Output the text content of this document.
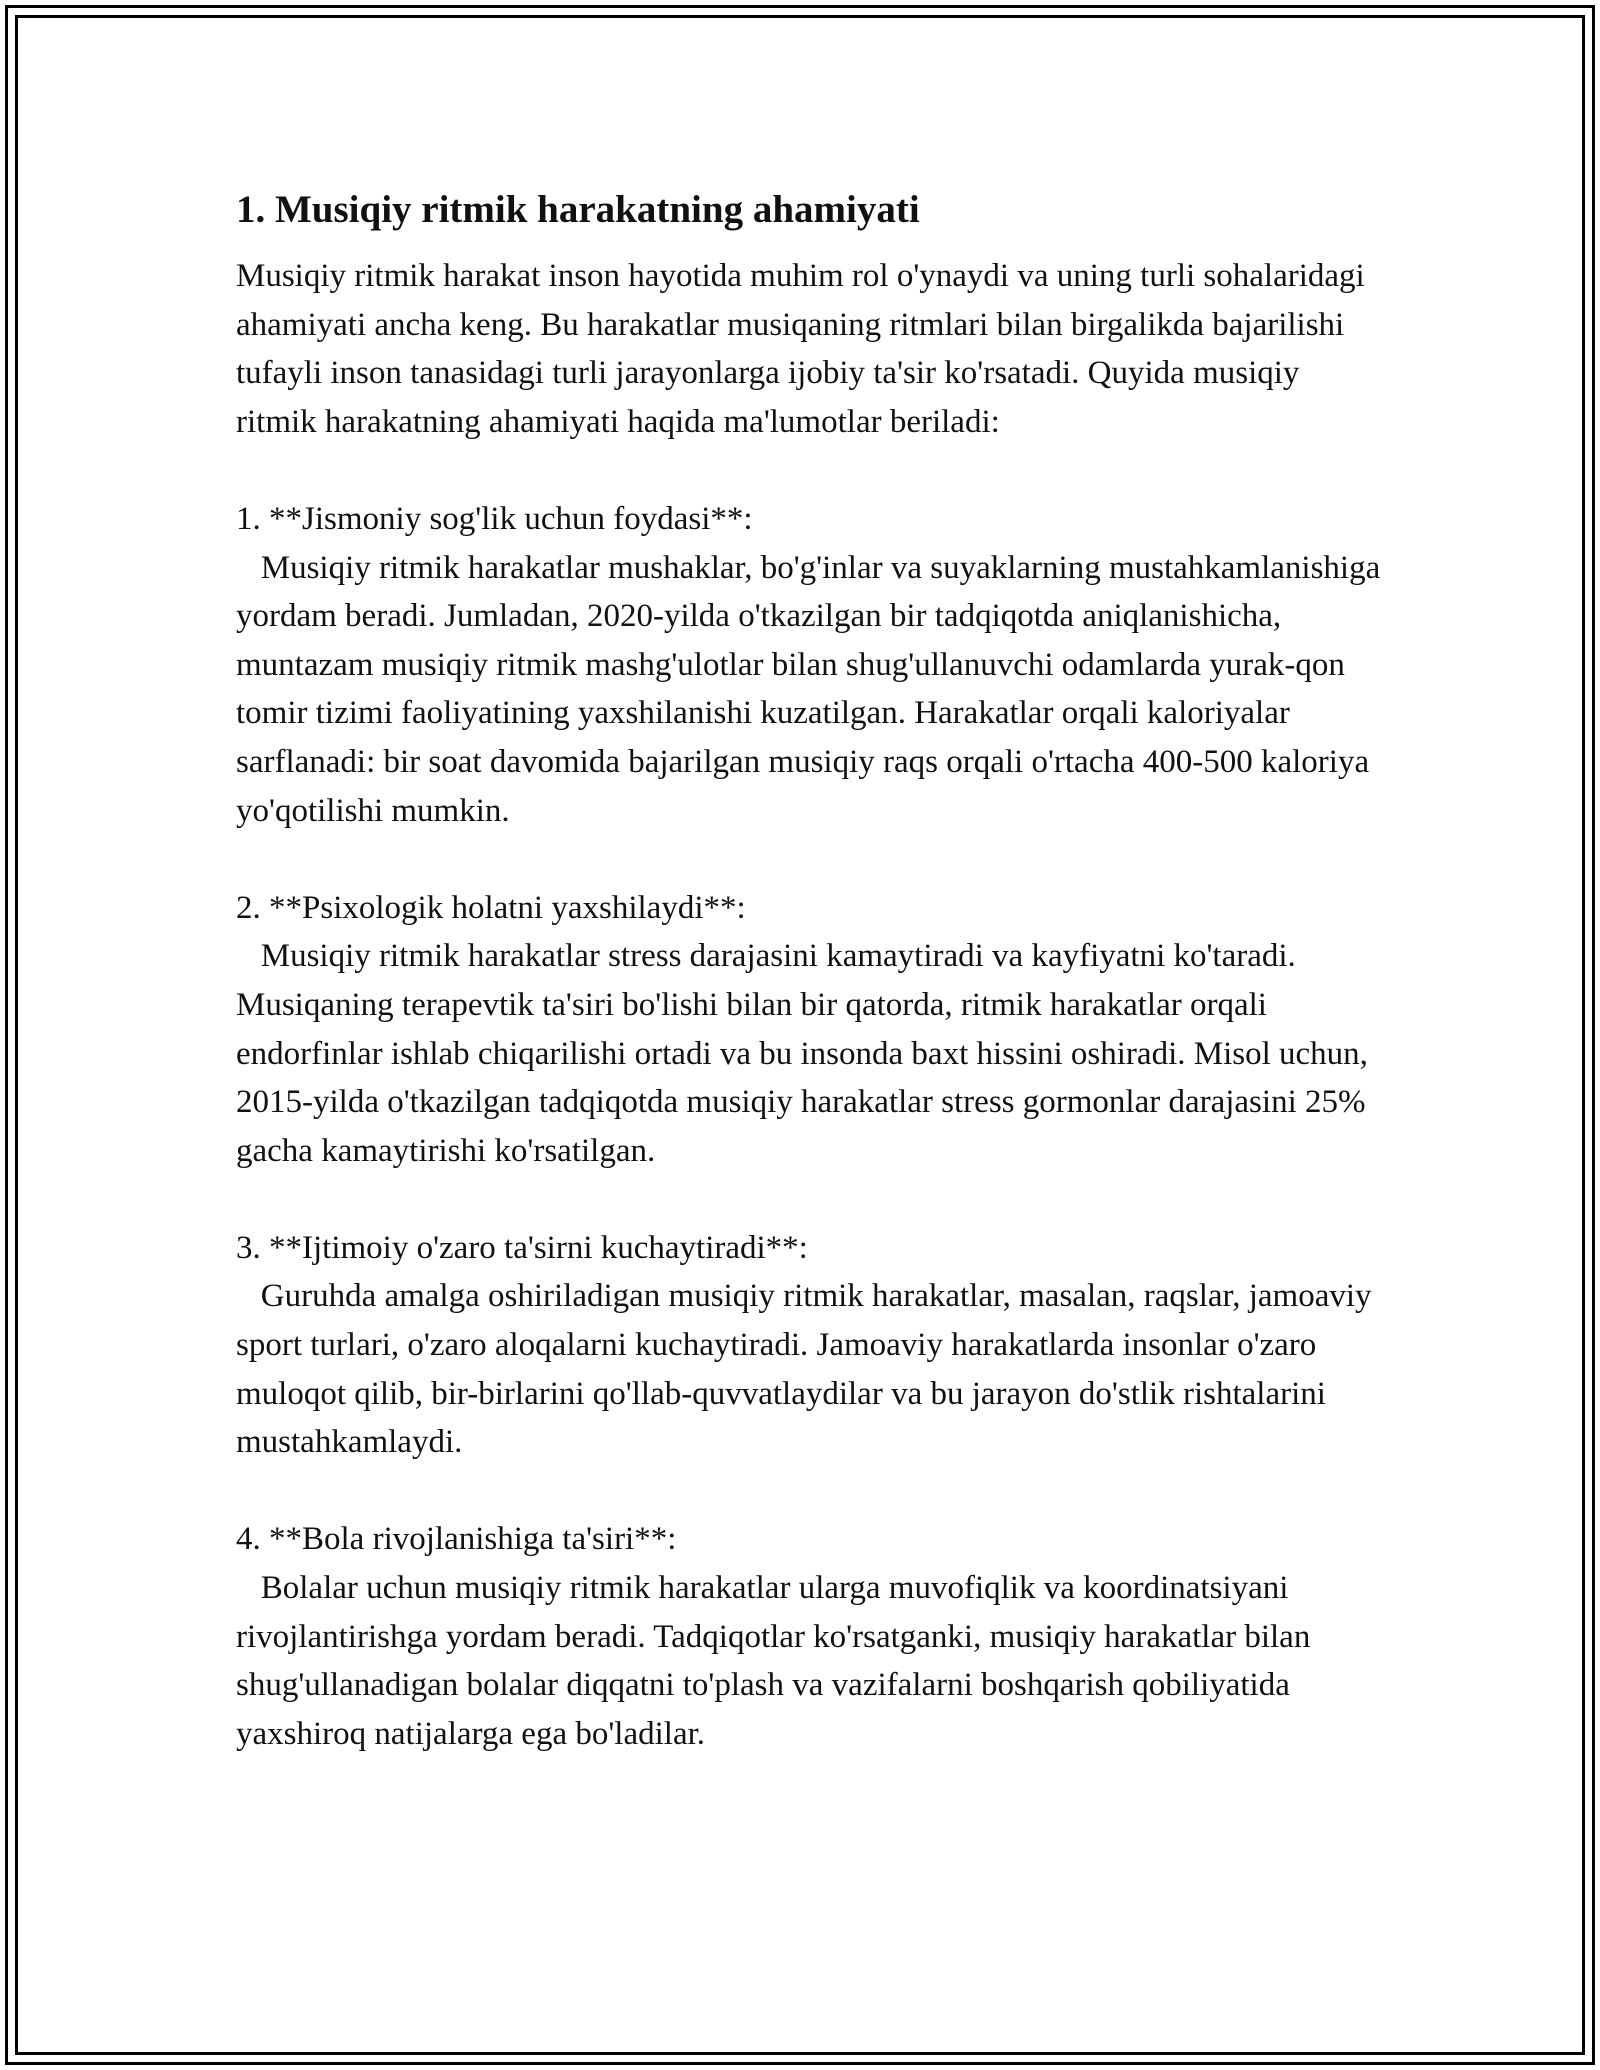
1. Musiqiy ritmik harakatning ahamiyati

Musiqiy ritmik harakat inson hayotida muhim rol o'ynaydi va uning turli sohalaridagi ahamiyati ancha keng. Bu harakatlar musiqaning ritmlari bilan birgalikda bajarilishi tufayli inson tanasidagi turli jarayonlarga ijobiy ta'sir ko'rsatadi. Quyida musiqiy ritmik harakatning ahamiyati haqida ma'lumotlar beriladi:

1. **Jismoniy sog'lik uchun foydasi**:

Musiqiy ritmik harakatlar mushaklar, bo'g'inlar va suyaklarning mustahkamlanishiga yordam beradi. Jumladan, 2020-yilda o'tkazilgan bir tadqiqotda aniqlanishicha, muntazam musiqiy ritmik mashg'ulotlar bilan shug'ullanuvchi odamlarda yurak-qon tomir tizimi faoliyatining yaxshilanishi kuzatilgan. Harakatlar orqali kaloriyalar sarflanadi: bir soat davomida bajarilgan musiqiy raqs orqali o'rtacha 400-500 kaloriya yo'qotilishi mumkin.

2. **Psixologik holatni yaxshilaydi**:

Musiqiy ritmik harakatlar stress darajasini kamaytiradi va kayfiyatni ko'taradi. Musiqaning terapevtik ta'siri bo'lishi bilan bir qatorda, ritmik harakatlar orqali endorfinlar ishlab chiqarilishi ortadi va bu insonda baxt hissini oshiradi. Misol uchun, 2015-yilda o'tkazilgan tadqiqotda musiqiy harakatlar stress gormonlar darajasini 25% gacha kamaytirishi ko'rsatilgan.

3. **Ijtimoiy o'zaro ta'sirni kuchaytiradi**:

Guruhda amalga oshiriladigan musiqiy ritmik harakatlar, masalan, raqslar, jamoaviy sport turlari, o'zaro aloqalarni kuchaytiradi. Jamoaviy harakatlarda insonlar o'zaro muloqot qilib, bir-birlarini qo'llab-quvvatlaydilar va bu jarayon do'stlik rishtalarini mustahkamlaydi.

4. **Bola rivojlanishiga ta'siri**:

Bolalar uchun musiqiy ritmik harakatlar ularga muvofiqlik va koordinatsiyani rivojlantirishga yordam beradi. Tadqiqotlar ko'rsatganki, musiqiy harakatlar bilan shug'ullanadigan bolalar diqqatni to'plash va vazifalarni boshqarish qobiliyatida yaxshiroq natijalarga ega bo'ladilar.
